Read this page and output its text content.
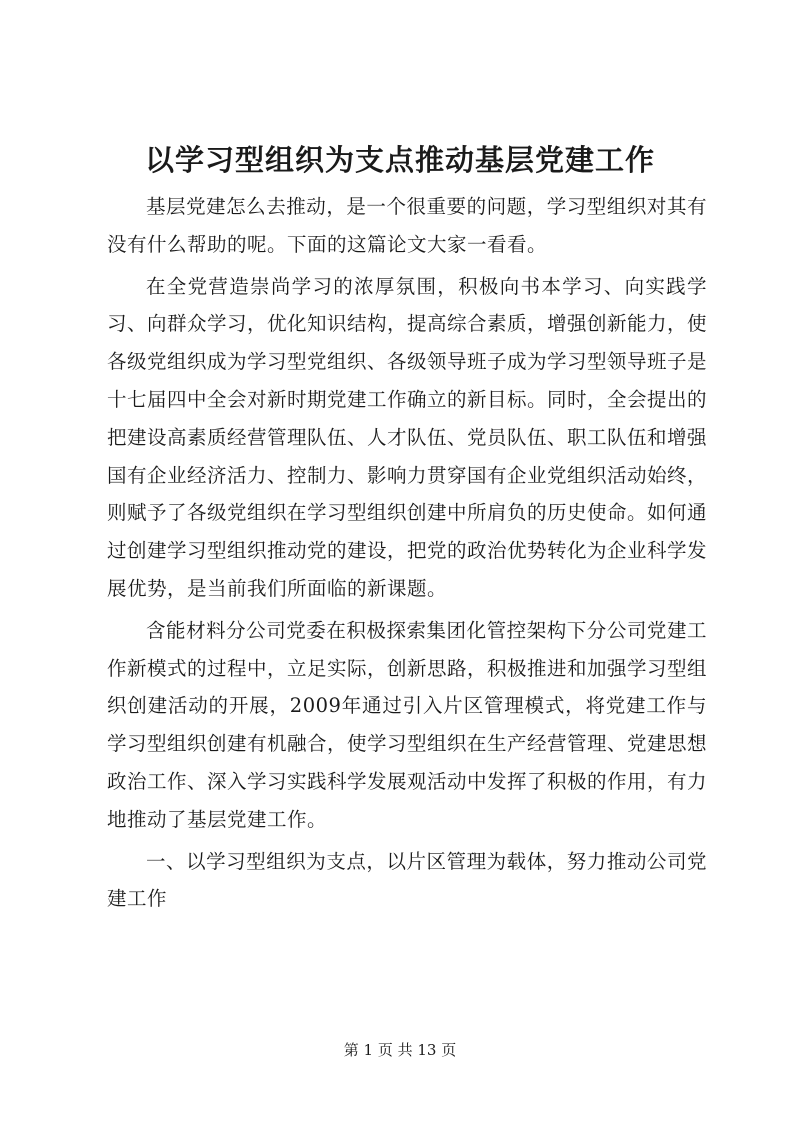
以学习型组织为支点推动基层党建工作

基层党建怎么去推动，是一个很重要的问题，学习型组织对其有没有什么帮助的呢。下面的这篇论文大家一看看。

在全党营造崇尚学习的浓厚氛围，积极向书本学习、向实践学习、向群众学习，优化知识结构，提高综合素质，增强创新能力，使各级党组织成为学习型党组织、各级领导班子成为学习型领导班子是十七届四中全会对新时期党建工作确立的新目标。同时，全会提出的把建设高素质经营管理队伍、人才队伍、党员队伍、职工队伍和增强国有企业经济活力、控制力、影响力贯穿国有企业党组织活动始终，则赋予了各级党组织在学习型组织创建中所肩负的历史使命。如何通过创建学习型组织推动党的建设，把党的政治优势转化为企业科学发展优势，是当前我们所面临的新课题。

含能材料分公司党委在积极探索集团化管控架构下分公司党建工作新模式的过程中，立足实际，创新思路，积极推进和加强学习型组织创建活动的开展，2009年通过引入片区管理模式，将党建工作与学习型组织创建有机融合，使学习型组织在生产经营管理、党建思想政治工作、深入学习实践科学发展观活动中发挥了积极的作用，有力地推动了基层党建工作。

一、以学习型组织为支点，以片区管理为载体，努力推动公司党建工作

第 1 页 共 13 页
